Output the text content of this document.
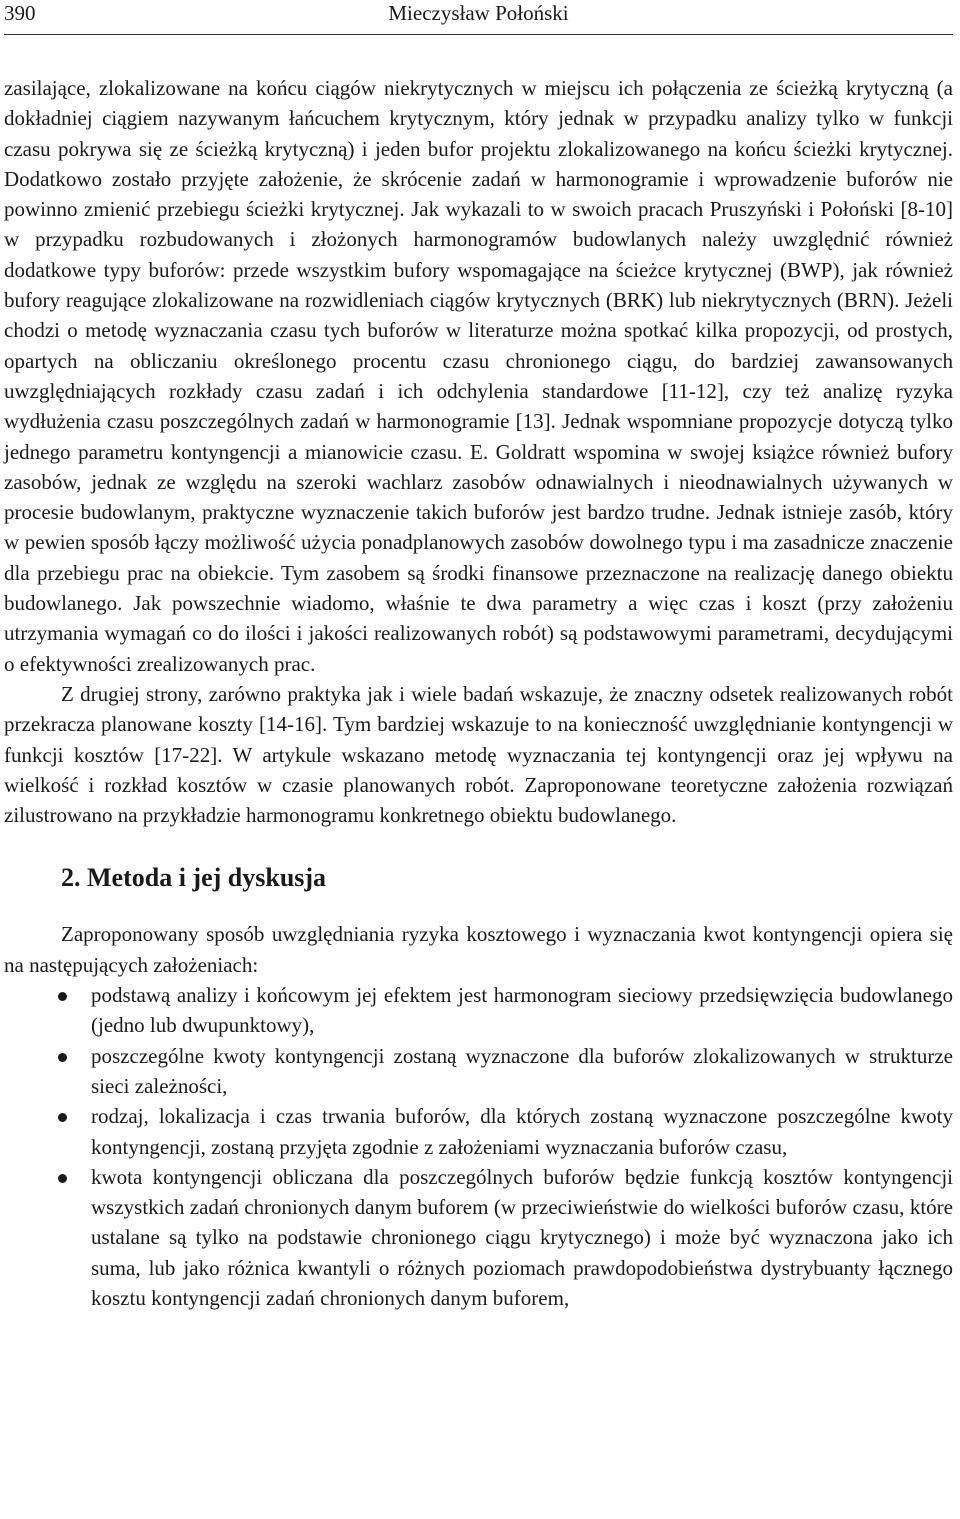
390	Mieczysław Połoński

zasilające, zlokalizowane na końcu ciągów niekrytycznych w miejscu ich połączenia ze ścieżką krytyczną (a dokładniej ciągiem nazywanym łańcuchem krytycznym, który jednak w przypadku analizy tylko w funkcji czasu pokrywa się ze ścieżką krytyczną) i jeden bufor projektu zlokalizowanego na końcu ścieżki krytycznej. Dodatkowo zostało przyjęte założenie, że skrócenie zadań w harmonogramie i wprowadzenie buforów nie powinno zmienić przebiegu ścieżki krytycznej. Jak wykazali to w swoich pracach Pruszyński i Połoński [8-10] w przypadku rozbudowanych i złożonych harmonogramów budowlanych należy uwzględnić również dodatkowe typy buforów: przede wszystkim bufory wspomagające na ścieżce krytycznej (BWP), jak również bufory reagujące zlokalizowane na rozwidleniach ciągów krytycznych (BRK) lub niekrytycznych (BRN). Jeżeli chodzi o metodę wyznaczania czasu tych buforów w literaturze można spotkać kilka propozycji, od prostych, opartych na obliczaniu określonego procentu czasu chronionego ciągu, do bardziej zawansowanych uwzględniających rozkłady czasu zadań i ich odchylenia standardowe [11-12], czy też analizę ryzyka wydłużenia czasu poszczególnych zadań w harmonogramie [13]. Jednak wspomniane propozycje dotyczą tylko jednego parametru kontyngencji a mianowicie czasu. E. Goldratt wspomina w swojej książce również bufory zasobów, jednak ze względu na szeroki wachlarz zasobów odnawialnych i nieodnawialnych używanych w procesie budowlanym, praktyczne wyznaczenie takich buforów jest bardzo trudne. Jednak istnieje zasób, który w pewien sposób łączy możliwość użycia ponadplanowych zasobów dowolnego typu i ma zasadnicze znaczenie dla przebiegu prac na obiekcie. Tym zasobem są środki finansowe przeznaczone na realizację danego obiektu budowlanego. Jak powszechnie wiadomo, właśnie te dwa parametry a więc czas i koszt (przy założeniu utrzymania wymagań co do ilości i jakości realizowanych robót) są podstawowymi parametrami, decydującymi o efektywności zrealizowanych prac.

Z drugiej strony, zarówno praktyka jak i wiele badań wskazuje, że znaczny odsetek realizowanych robót przekracza planowane koszty [14-16]. Tym bardziej wskazuje to na konieczność uwzględnianie kontyngencji w funkcji kosztów [17-22]. W artykule wskazano metodę wyznaczania tej kontyngencji oraz jej wpływu na wielkość i rozkład kosztów w czasie planowanych robót. Zaproponowane teoretyczne założenia rozwiązań zilustrowano na przykładzie harmonogramu konkretnego obiektu budowlanego.

2. Metoda i jej dyskusja

Zaproponowany sposób uwzględniania ryzyka kosztowego i wyznaczania kwot kontyngencji opiera się na następujących założeniach:

podstawą analizy i końcowym jej efektem jest harmonogram sieciowy przedsięwzięcia budowlanego (jedno lub dwupunktowy),
poszczególne kwoty kontyngencji zostaną wyznaczone dla buforów zlokalizowanych w strukturze sieci zależności,
rodzaj, lokalizacja i czas trwania buforów, dla których zostaną wyznaczone poszczególne kwoty kontyngencji, zostaną przyjęta zgodnie z założeniami wyznaczania buforów czasu,
kwota kontyngencji obliczana dla poszczególnych buforów będzie funkcją kosztów kontyngencji wszystkich zadań chronionych danym buforem (w przeciwieństwie do wielkości buforów czasu, które ustalane są tylko na podstawie chronionego ciągu krytycznego) i może być wyznaczona jako ich suma, lub jako różnica kwantyli o różnych poziomach prawdopodobieństwa dystrybuanty łącznego kosztu kontyngencji zadań chronionych danym buforem,
